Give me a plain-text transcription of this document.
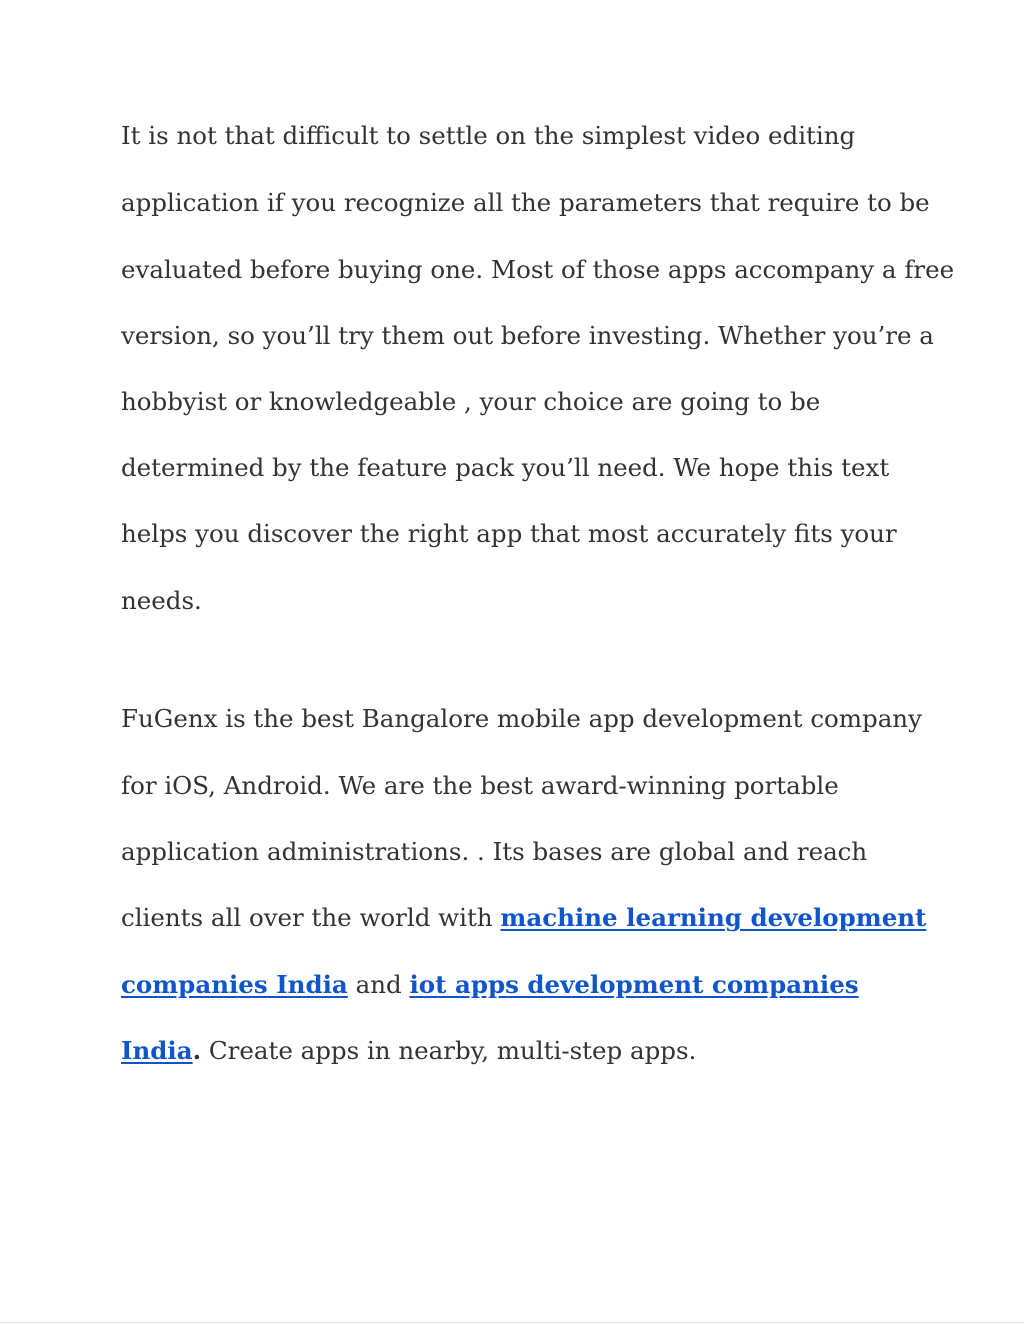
It is not that difficult to settle on the simplest video editing
application if you recognize all the parameters that require to be
evaluated before buying one. Most of those apps accompany a free
version, so you’ll try them out before investing. Whether you’re a
hobbyist or knowledgeable , your choice are going to be
determined by the feature pack you’ll need. We hope this text
helps you discover the right app that most accurately fits your
needs.
FuGenx is the best Bangalore mobile app development company
for iOS, Android. We are the best award-winning portable
application administrations. . Its bases are global and reach
clients all over the world with machine learning development
companies India and iot apps development companies
India. Create apps in nearby, multi-step apps.
